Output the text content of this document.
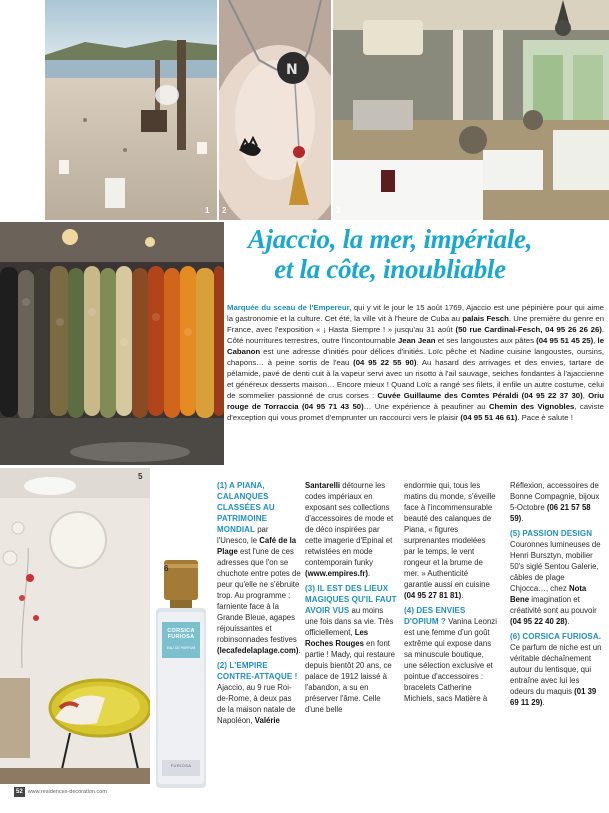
1
N
2	3
Ajaccio, la mer, impériale,
et la côte, inoubliable
Marquée du sceau de l'Empereur, qui y vit le jour le 15 août 1769, Ajaccio est une pépinière pour qui aime la gastronomie et la culture. Cet été, la ville vit à l'heure de Cuba au palais Fesch. Une première du genre en France, avec l'exposition « ¡ Hasta Siempre ! » jusqu'au 31 août (50 rue Cardinal-Fesch, 04 95 26 26 26). Côté nourritures terrestres, outre l'incontournable Jean Jean et ses langoustes aux pâtes (04 95 51 45 25), le Cabanon est une adresse d'initiés pour délices d'initiés. Loïc pêche et Nadine cuisine langoustes, oursins, chapons… à peine sortis de l'eau (04 95 22 55 90). Au hasard des arrivages et des envies, tartare de pélamide, pavé de denti cuit à la vapeur servi avec un risotto à l'ail sauvage, seiches fondantes à l'ajaccienne et généreux desserts maison… Encore mieux ! Quand Loïc a rangé ses filets, il enfile un autre costume, celui de sommelier passionné de crus corses : Cuvée Guillaume des Comtes Péraldi (04 95 22 37 30), Oriu rouge de Torraccia (04 95 71 43 50)… Une expérience à peaufiner au Chemin des Vignobles, caviste d'exception qui vous promet d'emprunter un raccourci vers le plaisir (04 95 51 46 61). Pace è salute !
5
CORSICA FURIOSA
EAU DE PARFUM
FURIOSA
6

(1) A PIANA, CALANQUES CLASSÉES AU PATRIMOINE MONDIAL par l'Unesco, le Café de la Plage est l'une de ces adresses que l'on se chuchote entre potes de peur qu'elle ne s'ébruite trop. Au programme : farniente face à la Grande Bleue, agapes réjouissantes et robinsonnades festives (lecafedelaplage.com).

(2) L'EMPIRE CONTRE-ATTAQUE ! Ajaccio, au 9 rue Roi-de-Rome, à deux pas de la maison natale de Napoléon, Valérie

Santarelli détourne les codes impériaux en exposant ses collections d'accessoires de mode et de déco inspirées par cette imagerie d'Epinal et retwistées en mode contemporain funky (www.empires.fr).

(3) IL EST DES LIEUX MAGIQUES QU'IL FAUT AVOIR VUS au moins une fois dans sa vie. Très officiellement, Les Roches Rouges en font partie ! Mady, qui restaure depuis bientôt 20 ans, ce palace de 1912 laissé à l'abandon, a su en préserver l'âme. Celle d'une belle

endormie qui, tous les matins du monde, s'éveille face à l'incommensurable beauté des calanques de Piana, « figures surprenantes modelées par le temps, le vent rongeur et la brume de mer. » Authenticité garantie aussi en cuisine (04 95 27 81 81).

(4) DES ENVIES D'OPIUM ? Vanina Leonzi est une femme d'un goût extrême qui expose dans sa minuscule boutique, une sélection exclusive et pointue d'accessoires : bracelets Catherine Michiels, sacs Matière à

Réflexion, accessoires de Bonne Compagnie, bijoux 5-Octobre (06 21 57 58 59).

(5) PASSION DESIGN Couronnes lumineuses de Henri Bursztyn, mobilier 50's siglé Sentou Galerie, câbles de plage Chjocca…, chez Nota Bene imagination et créativité sont au pouvoir (04 95 22 40 28).

(6) CORSICA FURIOSA. Ce parfum de niche est un véritable déchaînement autour du lentisque, qui entraîne avec lui les odeurs du maquis (01 39 69 11 29).

52 www.residences-decoration.com
